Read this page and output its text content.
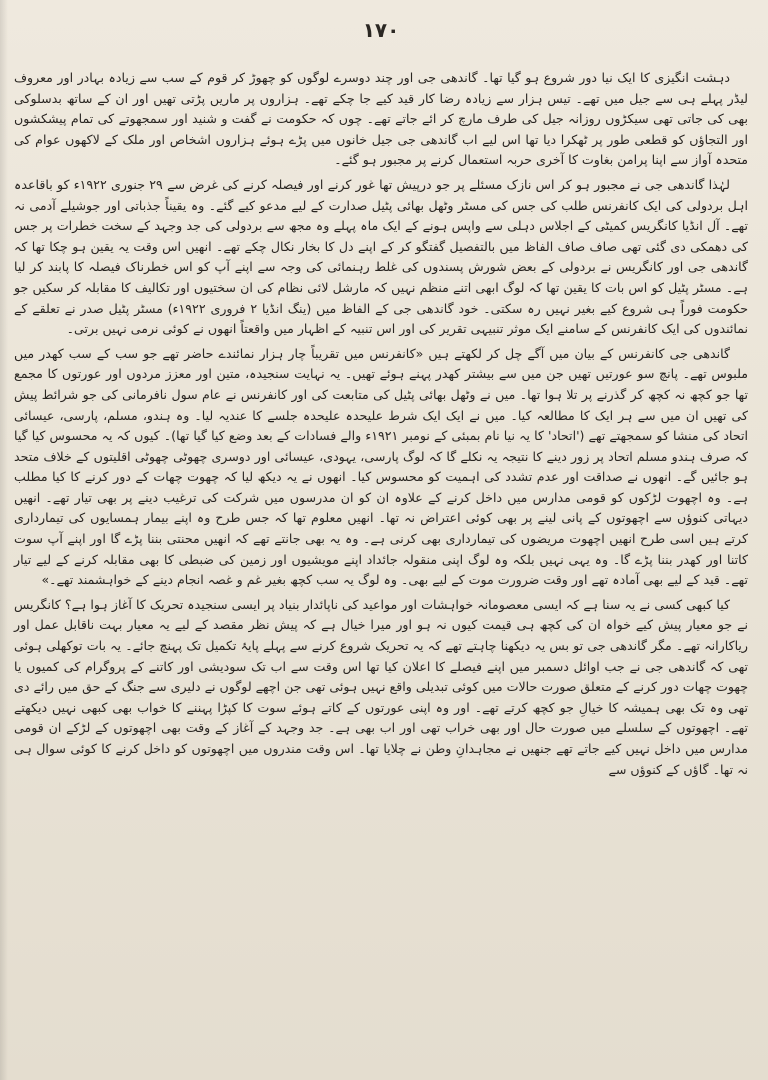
۱۷۰

دہشت انگیزی کا ایک نیا دور شروع ہو گیا تھا۔ گاندھی جی اور چند دوسرے لوگوں کو چھوڑ کر قوم کے سب سے زیادہ بہادر اور معروف لیڈر پہلے ہی سے جیل میں تھے۔ تیس ہزار سے زیادہ رضا کار قید کیے جا چکے تھے۔ ہزاروں پر ماریں پڑتی تھیں اور ان کے ساتھ بدسلوکی بھی کی جاتی تھی سیکڑوں روزانہ جیل کی طرف مارچ کر ائے جاتے تھے۔ چوں کہ حکومت نے گفت و شنید اور سمجھوتے کی تمام پیشکشوں اور التجاؤں کو قطعی طور پر ٹھکرا دیا تھا اس لیے اب گاندھی جی جیل خانوں میں پڑے ہوئے ہزاروں اشخاص اور ملک کے لاکھوں عوام کی متحدہ آواز سے اپنا پرامن بغاوت کا آخری حربہ استعمال کرنے پر مجبور ہو گئے۔

لہٰذا گاندھی جی نے مجبور ہو کر اس نازک مسئلے پر جو درپیش تھا غور کرنے اور فیصلہ کرنے کی غرض سے ۲۹ جنوری ۱۹۲۲ء کو باقاعدہ اہل بردولی کی ایک کانفرنس طلب کی جس کی مسٹر وٹھل بھائی پٹیل صدارت کے لیے مدعو کیے گئے۔ وہ یقیناً جذباتی اور جوشیلے آدمی نہ تھے۔ آل انڈیا کانگریس کمیٹی کے اجلاس دہلی سے واپس ہونے کے ایک ماہ پہلے وہ مجھ سے بردولی کی جد وجہد کے سخت خطرات پر جس کی دھمکی دی گئی تھی صاف صاف الفاظ میں بالتفصیل گفتگو کر کے اپنے دل کا بخار نکال چکے تھے۔ انھیں اس وقت یہ یقین ہو چکا تھا کہ گاندھی جی اور کانگریس نے بردولی کے بعض شورش پسندوں کی غلط رہنمائی کی وجہ سے اپنے آپ کو اس خطرناک فیصلہ کا پابند کر لیا ہے۔ مسٹر پٹیل کو اس بات کا یقین تھا کہ لوگ ابھی اتنے منظم نہیں کہ مارشل لائی نظام کی ان سختیوں اور تکالیف کا مقابلہ کر سکیں جو حکومت فوراً ہی شروع کیے بغیر نہیں رہ سکتی۔ خود گاندھی جی کے الفاظ میں (ینگ انڈیا ۲ فروری ۱۹۲۲ء) مسٹر پٹیل صدر نے تعلقے کے نمائندوں کی ایک کانفرنس کے سامنے ایک موثر تنبیہی تقریر کی اور اس تنبیہ کے اظہار میں واقعتاً انھوں نے کوئی نرمی نہیں برتی۔

گاندھی جی کانفرنس کے بیان میں آگے چل کر لکھتے ہیں «کانفرنس میں تقریباً چار ہزار نمائندے حاضر تھے جو سب کے سب کھدر میں ملبوس تھے۔ پانچ سو عورتیں تھیں جن میں سے بیشتر کھدر پہنے ہوئے تھیں۔ یہ نہایت سنجیدہ، متین اور معزز مردوں اور عورتوں کا مجمع تھا جو کچھ نہ کچھ کر گذرنے پر تلا ہوا تھا۔ میں نے وٹھل بھائی پٹیل کی متابعت کی اور کانفرنس نے عام سول نافرمانی کی جو شرائط پیش کی تھیں ان میں سے ہر ایک کا مطالعہ کیا۔ میں نے ایک ایک شرط علیحدہ علیحدہ جلسے کا عندیہ لیا۔ وہ ہندو، مسلم، پارسی، عیسائی اتحاد کی منشا کو سمجھتے تھے ('اتحاد' کا یہ نیا نام بمبئی کے نومبر ۱۹۲۱ء والے فسادات کے بعد وضع کیا گیا تھا)۔ کیوں کہ یہ محسوس کیا گیا کہ صرف ہندو مسلم اتحاد پر زور دینے کا نتیجہ یہ نکلے گا کہ لوگ پارسی، یہودی، عیسائی اور دوسری چھوٹی چھوٹی اقلیتوں کے خلاف متحد ہو جائیں گے۔ انھوں نے صداقت اور عدم تشدد کی اہمیت کو محسوس کیا۔ انھوں نے یہ دیکھ لیا کہ چھوت چھات کے دور کرنے کا کیا مطلب ہے۔ وہ اچھوت لڑکوں کو قومی مدارس میں داخل کرنے کے علاوہ ان کو ان مدرسوں میں شرکت کی ترغیب دینے پر بھی تیار تھے۔ انھیں دیہاتی کنوؤں سے اچھوتوں کے پانی لینے پر بھی کوئی اعتراض نہ تھا۔ انھیں معلوم تھا کہ جس طرح وہ اپنے بیمار ہمسایوں کی تیمارداری کرتے ہیں اسی طرح انھیں اچھوت مریضوں کی تیمارداری بھی کرنی ہے۔ وہ یہ بھی جانتے تھے کہ انھیں محنتی بننا پڑے گا اور اپنے آپ سوت کاتنا اور کھدر بننا پڑے گا۔ وہ یہی نہیں بلکہ وہ لوگ اپنی منقولہ جائداد اپنے مویشیوں اور زمین کی ضبطی کا بھی مقابلہ کرنے کے لیے تیار تھے۔ قید کے لیے بھی آمادہ تھے اور وقت ضرورت موت کے لیے بھی۔ وہ لوگ یہ سب کچھ بغیر غم و غصہ انجام دینے کے خواہشمند تھے۔»

کیا کبھی کسی نے یہ سنا ہے کہ ایسی معصومانہ خواہشات اور مواعید کی ناپائدار بنیاد پر ایسی سنجیدہ تحریک کا آغاز ہوا ہے؟ کانگریس نے جو معیار پیش کیے خواہ ان کی کچھ ہی قیمت کیوں نہ ہو اور میرا خیال ہے کہ پیش نظر مقصد کے لیے یہ معیار بہت ناقابل عمل اور ریاکارانہ تھے۔ مگر گاندھی جی تو بس یہ دیکھنا چاہتے تھے کہ یہ تحریک شروع کرنے سے پہلے پایۂ تکمیل تک پہنچ جائے۔ یہ بات توکھلی ہوئی تھی کہ گاندھی جی نے جب اوائل دسمبر میں اپنے فیصلے کا اعلان کیا تھا اس وقت سے اب تک سودیشی اور کاتنے کے پروگرام کی کمیوں یا چھوت چھات دور کرنے کے متعلق صورت حالات میں کوئی تبدیلی واقع نہیں ہوئی تھی جن اچھے لوگوں نے دلیری سے جنگ کے حق میں رائے دی تھی وہ تک بھی ہمیشہ کا خیالِ جو کچھ کرتے تھے۔ اور وہ اپنی عورتوں کے کاتے ہوئے سوت کا کپڑا پہننے کا خواب بھی کبھی نہیں دیکھتے تھے۔ اچھوتوں کے سلسلے میں صورت حال اور بھی خراب تھی اور اب بھی ہے۔ جد وجہد کے آغاز کے وقت بھی اچھوتوں کے لڑکے ان قومی مدارس میں داخل نہیں کیے جاتے تھے جنھیں نے مجاہدانِ وطن نے چلایا تھا۔ اس وقت مندروں میں اچھوتوں کو داخل کرنے کا کوئی سوال ہی نہ تھا۔ گاؤں کے کنوؤں سے
